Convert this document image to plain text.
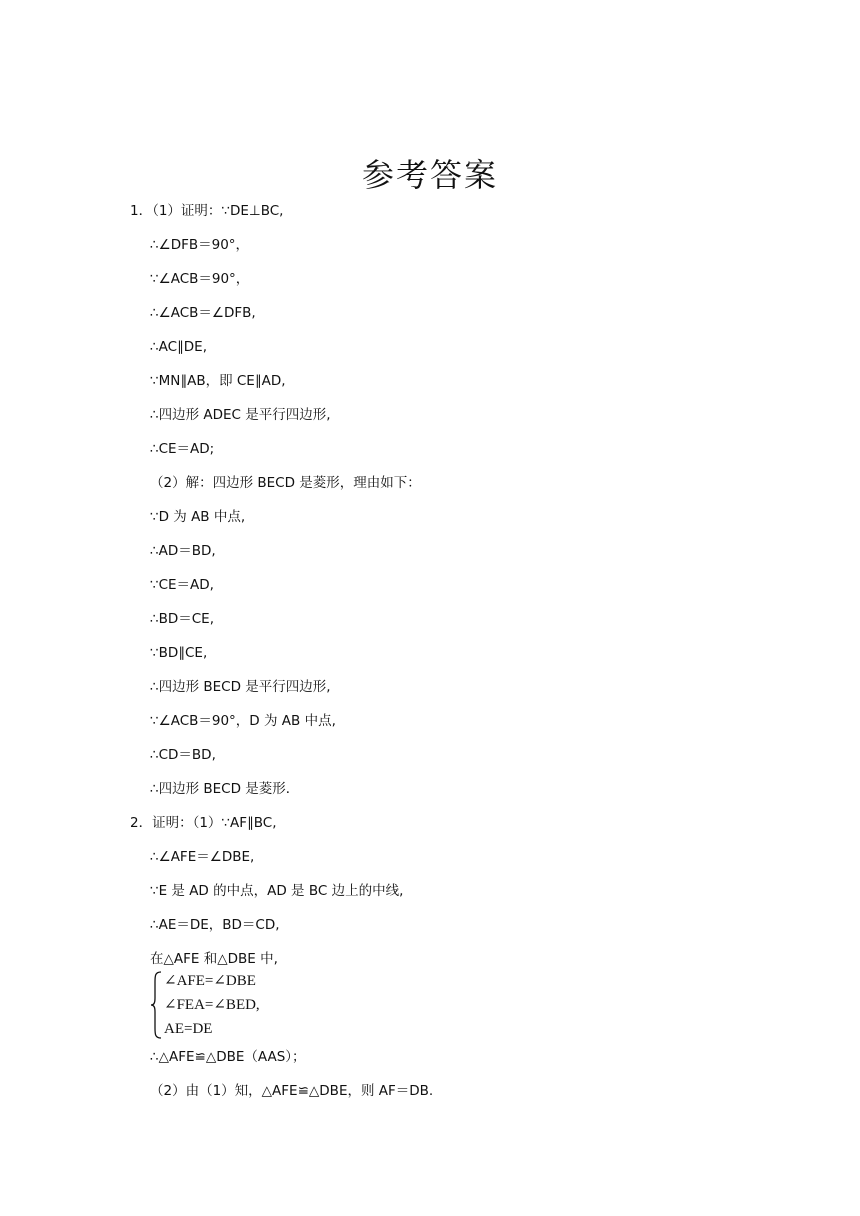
参考答案
1．（1）证明：∵DE⊥BC,
∴∠DFB＝90°，
∵∠ACB＝90°，
∴∠ACB＝∠DFB,
∴AC∥DE,
∵MN∥AB，即 CE∥AD,
∴四边形 ADEC 是平行四边形,
∴CE＝AD;
（2）解：四边形 BECD 是菱形，理由如下：
∵D 为 AB 中点,
∴AD＝BD,
∵CE＝AD,
∴BD＝CE,
∵BD∥CE,
∴四边形 BECD 是平行四边形,
∵∠ACB＝90°，D 为 AB 中点,
∴CD＝BD,
∴四边形 BECD 是菱形．
2．证明：（1）∵AF∥BC,
∴∠AFE＝∠DBE,
∵E 是 AD 的中点，AD 是 BC 边上的中线,
∴AE＝DE，BD＝CD,
在△AFE 和△DBE 中,
∠AFE=∠DBE
∠FEA=∠BED,
AE=DE
∴△AFE≌△DBE（AAS）；
（2）由（1）知，△AFE≌△DBE，则 AF＝DB.
